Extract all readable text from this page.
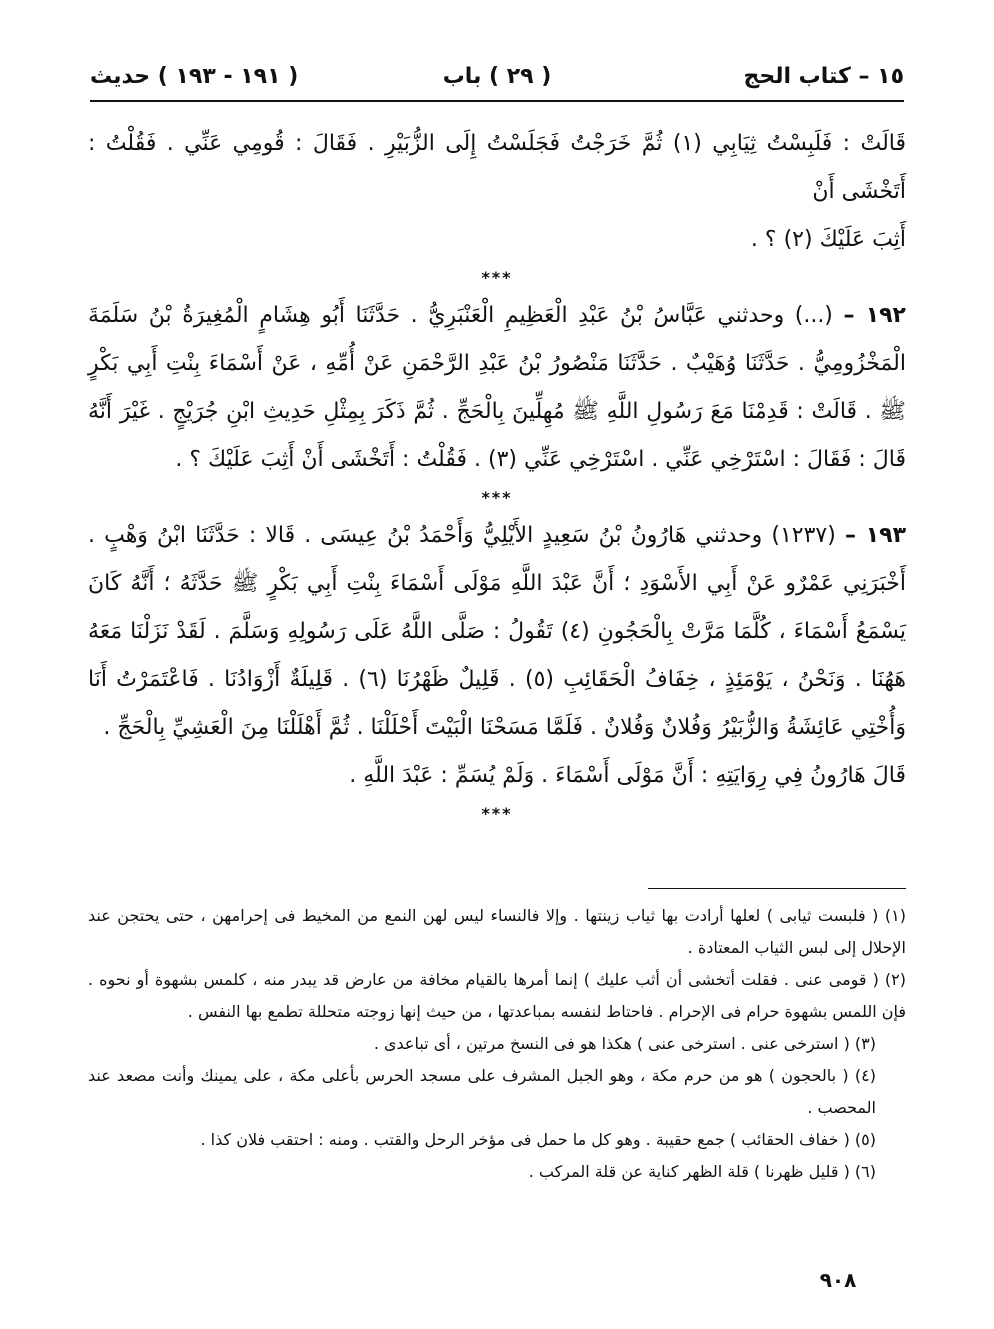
١٥ – كتاب الحج
( ٢٩ ) باب
( ١٩١ - ١٩٣ ) حديث

قَالَتْ : فَلَبِسْتُ ثِيَابِي (١) ثُمَّ خَرَجْتُ فَجَلَسْتُ إِلَى الزُّبَيْرِ . فَقَالَ : قُومِي عَنِّي . فَقُلْتُ : أَتَخْشَى أَنْ

أَثِبَ عَلَيْكَ (٢) ؟ .

***

١٩٢ – (...) وحدثني عَبَّاسُ بْنُ عَبْدِ الْعَظِيمِ الْعَنْبَرِيُّ . حَدَّثَنَا أَبُو هِشَامٍ الْمُغِيرَةُ بْنُ سَلَمَةَ الْمَخْزُومِيُّ . حَدَّثَنَا وُهَيْبٌ . حَدَّثَنَا مَنْصُورُ بْنُ عَبْدِ الرَّحْمَنِ عَنْ أُمِّهِ ، عَنْ أَسْمَاءَ بِنْتِ أَبِي بَكْرٍ ﷺ . قَالَتْ : قَدِمْنَا مَعَ رَسُولِ اللَّهِ ﷺ مُهِلِّينَ بِالْحَجِّ . ثُمَّ ذَكَرَ بِمِثْلِ حَدِيثِ ابْنِ جُرَيْجٍ . غَيْرَ أَنَّهُ قَالَ : فَقَالَ : اسْتَرْخِي عَنِّي . اسْتَرْخِي عَنِّي (٣) . فَقُلْتُ : أَتَخْشَى أَنْ أَثِبَ عَلَيْكَ ؟ .

***

١٩٣ – (١٢٣٧) وحدثني هَارُونُ بْنُ سَعِيدٍ الأَيْلِيُّ وَأَحْمَدُ بْنُ عِيسَى . قَالا : حَدَّثَنَا ابْنُ وَهْبٍ . أَخْبَرَنِي عَمْرٌو عَنْ أَبِي الأَسْوَدِ ؛ أَنَّ عَبْدَ اللَّهِ مَوْلَى أَسْمَاءَ بِنْتِ أَبِي بَكْرٍ ﷺ حَدَّثَهُ ؛ أَنَّهُ كَانَ يَسْمَعُ أَسْمَاءَ ، كُلَّمَا مَرَّتْ بِالْحَجُونِ (٤) تَقُولُ : صَلَّى اللَّهُ عَلَى رَسُولِهِ وَسَلَّمَ . لَقَدْ نَزَلْنَا مَعَهُ هَهُنَا . وَنَحْنُ ، يَوْمَئِذٍ ، خِفَافُ الْحَقَائِبِ (٥) . قَلِيلٌ ظَهْرُنَا (٦) . قَلِيلَةٌ أَزْوَادُنَا . فَاعْتَمَرْتُ أَنَا وَأُخْتِي عَائِشَةُ وَالزُّبَيْرُ وَفُلانٌ وَفُلانٌ . فَلَمَّا مَسَحْنَا الْبَيْتَ أَحْلَلْنَا . ثُمَّ أَهْلَلْنَا مِنَ الْعَشِيِّ بِالْحَجِّ .

قَالَ هَارُونُ فِي رِوَايَتِهِ : أَنَّ مَوْلَى أَسْمَاءَ . وَلَمْ يُسَمِّ : عَبْدَ اللَّهِ .

***

(١) ( فلبست ثيابى ) لعلها أرادت بها ثياب زينتها . وإلا فالنساء ليس لهن النمع من المخيط فى إحرامهن ، حتى يحتجن عند الإحلال إلى لبس الثياب المعتادة .

(٢) ( قومى عنى . فقلت أتخشى أن أثب عليك ) إنما أمرها بالقيام مخافة من عارض قد يبدر منه ، كلمس بشهوة أو نحوه . فإن اللمس بشهوة حرام فى الإحرام . فاحتاط لنفسه بمباعدتها ، من حيث إنها زوجته متحللة تطمع بها النفس .

(٣) ( استرخى عنى . استرخى عنى ) هكذا هو فى النسخ مرتين ، أى تباعدى .

(٤) ( بالحجون ) هو من حرم مكة ، وهو الجبل المشرف على مسجد الحرس بأعلى مكة ، على يمينك وأنت مصعد عند المحصب .

(٥) ( خفاف الحقائب ) جمع حقيبة . وهو كل ما حمل فى مؤخر الرحل والقتب . ومنه : احتقب فلان كذا .

(٦) ( قليل ظهرنا ) قلة الظهر كناية عن قلة المركب .

٩٠٨
